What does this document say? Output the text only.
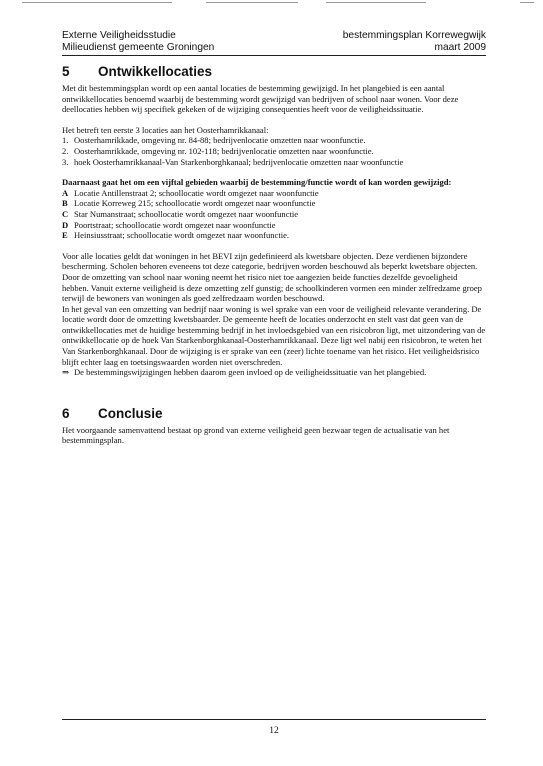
Externe Veiligheidsstudie	bestemmingsplan Korrewegwijk
Milieudienst gemeente Groningen	maart 2009
5	Ontwikkellocaties

Met dit bestemmingsplan wordt op een aantal locaties de bestemming gewijzigd. In het plangebied is een aantal ontwikkellocaties benoemd waarbij de bestemming wordt gewijzigd van bedrijven of school naar wonen. Voor deze deellocaties hebben wij specifiek gekeken of de wijziging consequenties heeft voor de veiligheidssituatie.

Het betreft ten eerste 3 locaties aan het Oosterhamrikkanaal:

1. Oosterhamrikkade, omgeving nr. 84-88; bedrijvenlocatie omzetten naar woonfunctie.
2. Oosterhamrikkade, omgeving nr. 102-118; bedrijvenlocatie omzetten naar woonfunctie.
3. hoek Oosterhamrikkanaal-Van Starkenborghkanaal; bedrijvenlocatie omzetten naar woonfunctie

Daarnaast gaat het om een vijftal gebieden waarbij de bestemming/functie wordt of kan worden gewijzigd:

A Locatie Antillenstraat 2; schoollocatie wordt omgezet naar woonfunctie
B Locatie Korreweg 215; schoollocatie wordt omgezet naar woonfunctie
C Star Numanstraat; schoollocatie wordt omgezet naar woonfunctie
D Poortstraat; schoollocatie wordt omgezet naar woonfunctie
E Heinsiusstraat; schoollocatie wordt omgezet naar woonfunctie.

Voor alle locaties geldt dat woningen in het BEVI zijn gedefinieerd als kwetsbare objecten. Deze verdienen bijzondere bescherming. Scholen behoren eveneens tot deze categorie, bedrijven worden beschouwd als beperkt kwetsbare objecten. Door de omzetting van school naar woning neemt het risico niet toe aangezien beide functies dezelfde gevoeligheid hebben. Vanuit externe veiligheid is deze omzetting zelf gunstig; de schoolkinderen vormen een minder zelfredzame groep terwijl de bewoners van woningen als goed zelfredzaam worden beschouwd.

In het geval van een omzetting van bedrijf naar woning is wel sprake van een voor de veiligheid relevante verandering. De locatie wordt door de omzetting kwetsbaarder. De gemeente heeft de locaties onderzocht en stelt vast dat geen van de ontwikkellocaties met de huidige bestemming bedrijf in het invloedsgebied van een risicobron ligt, met uitzondering van de ontwikkellocatie op de hoek Van Starkenborghkanaal-Oosterhamrikkanaal. Deze ligt wel nabij een risicobron, te weten het Van Starkenborghkanaal. Door de wijziging is er sprake van een (zeer) lichte toename van het risico. Het veiligheidsrisico blijft echter laag en toetsingswaarden worden niet overschreden.

⇒ De bestemmingswijzigingen hebben daarom geen invloed op de veiligheidssituatie van het plangebied.
6	Conclusie

Het voorgaande samenvattend bestaat op grond van externe veiligheid geen bezwaar tegen de actualisatie van het bestemmingsplan.

12
